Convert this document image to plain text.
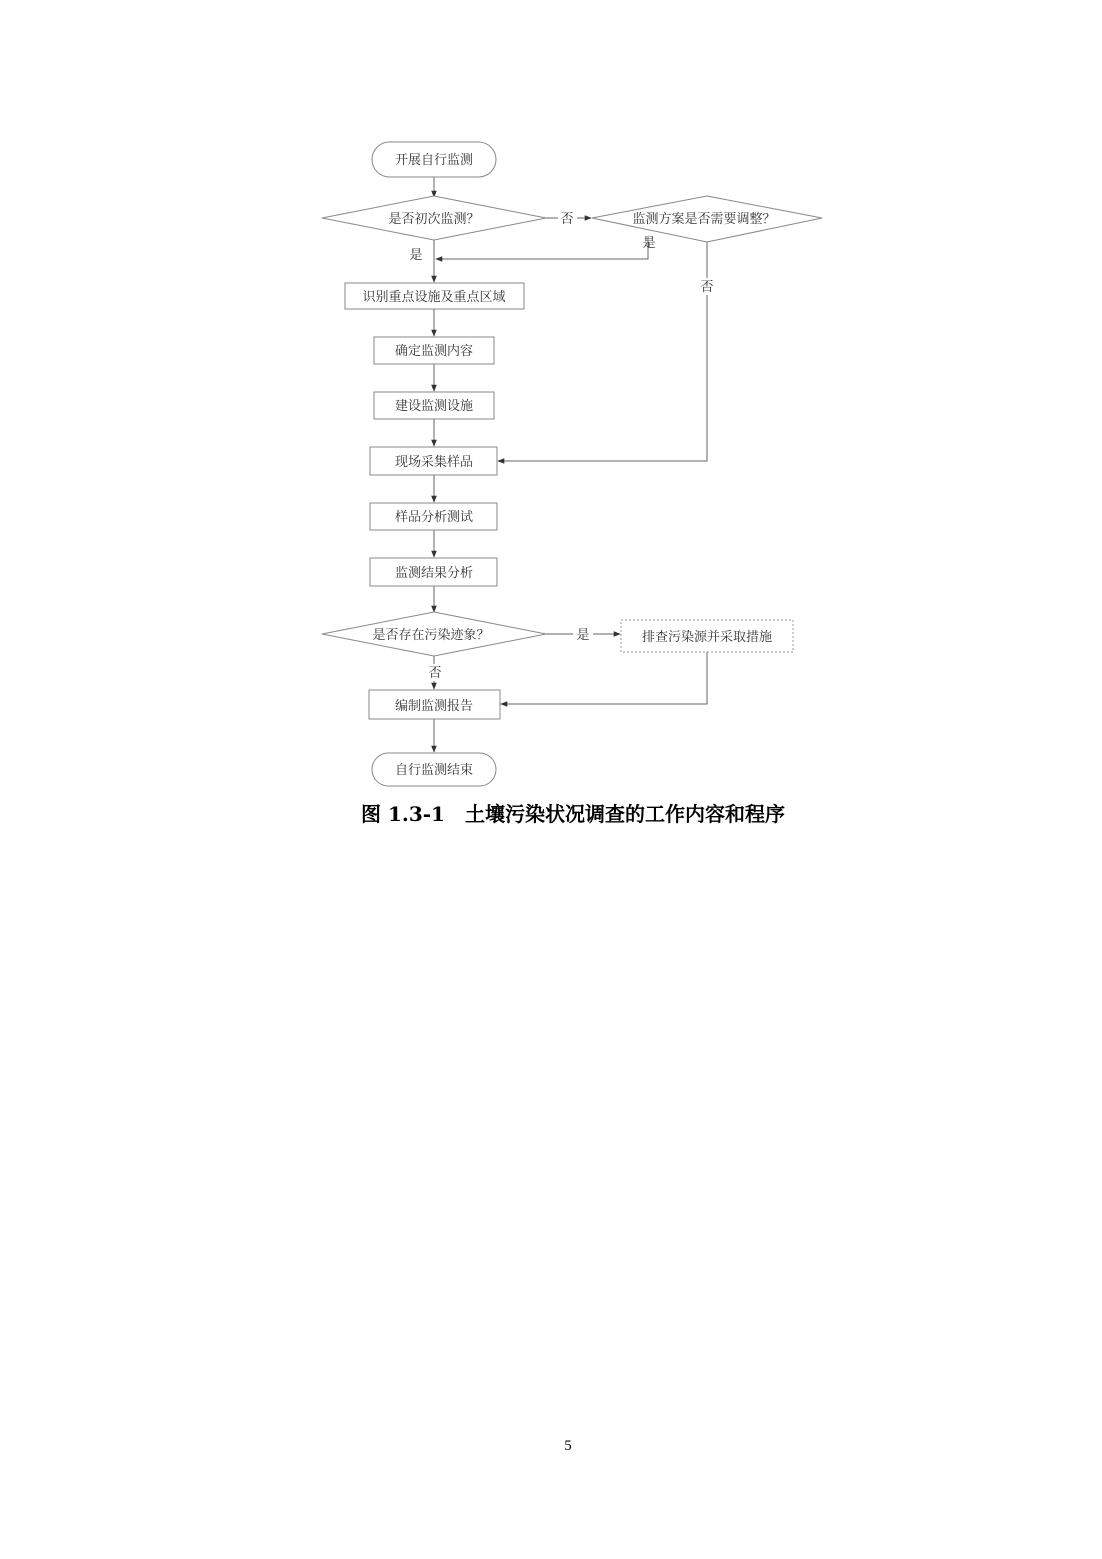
开展自行监测
是否初次监测？	监测方案是否需要调整？
识别重点设施及重点区域
确定监测内容
建设监测设施
现场采集样品
样品分析测试
监测结果分析
是否存在污染迹象？	排查污染源并采取措施
编制监测报告
自行监测结束
否
是
是
否
是
否
图 1.3-1　土壤污染状况调查的工作内容和程序
5
